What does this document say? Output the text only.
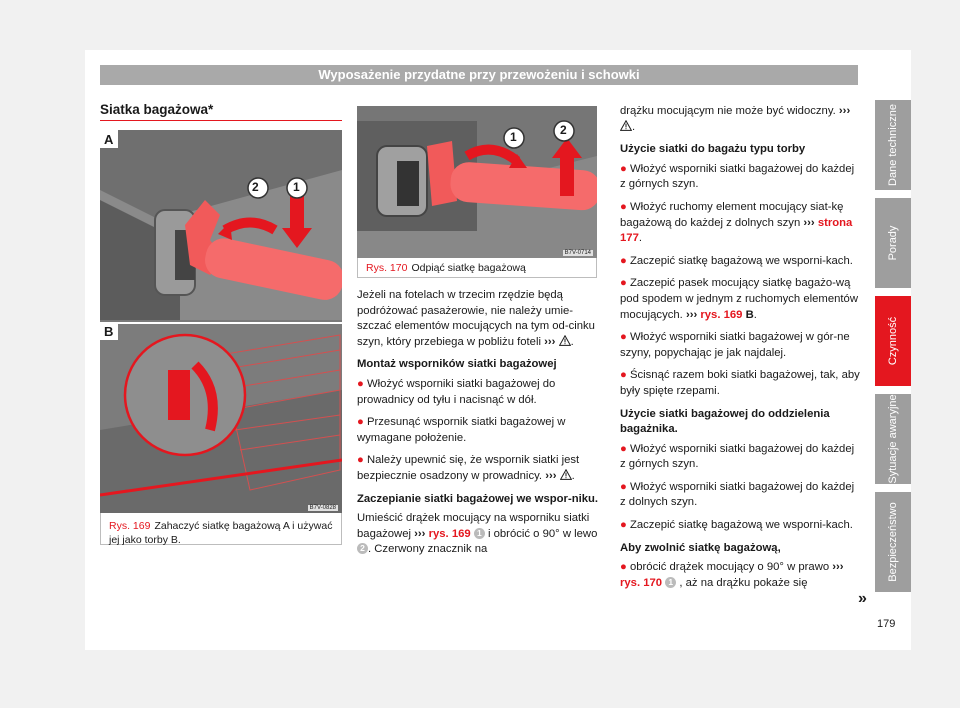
Wyposażenie przydatne przy przewożeniu i schowki
Siatka bagażowa*
A
B
2	1
B7V-0828
Rys. 169 Zahaczyć siatkę bagażową A i używać jej jako torby B.
1	2
B7V-0714
Rys. 170 Odpiąć siatkę bagażową

Jeżeli na fotelach w trzecim rzędzie będą podróżować pasażerowie, nie należy umie-szczać elementów mocujących na tym od-cinku szyn, który przebiega w pobliżu foteli ››› .

Montaż wsporników siatki bagażowej

● Włożyć wsporniki siatki bagażowej do prowadnicy od tyłu i nacisnąć w dół.

● Przesunąć wspornik siatki bagażowej w wymagane położenie.

● Należy upewnić się, że wspornik siatki jest bezpiecznie osadzony w prowadnicy. ››› .

Zaczepianie siatki bagażowej we wspor-niku.

Umieścić drążek mocujący na wsporniku siatki bagażowej ››› rys. 169 1 i obrócić o 90° w lewo 2 . Czerwony znacznik na

drążku mocującym nie może być widoczny. ››› .

Użycie siatki do bagażu typu torby

● Włożyć wsporniki siatki bagażowej do każdej z górnych szyn.

● Włożyć ruchomy element mocujący siat-kę bagażową do każdej z dolnych szyn ››› strona 177.

● Zaczepić siatkę bagażową we wsporni-kach.

● Zaczepić pasek mocujący siatkę bagażo-wą pod spodem w jednym z ruchomych elementów mocujących. ››› rys. 169 B.

● Włożyć wsporniki siatki bagażowej w gór-ne szyny, popychając je jak najdalej.

● Ścisnąć razem boki siatki bagażowej, tak, aby były spięte rzepami.

Użycie siatki bagażowej do oddzielenia bagażnika.

● Włożyć wsporniki siatki bagażowej do każdej z górnych szyn.

● Włożyć wsporniki siatki bagażowej do każdej z dolnych szyn.

● Zaczepić siatkę bagażową we wsporni-kach.

Aby zwolnić siatkę bagażową,

● obrócić drążek mocujący o 90° w prawo ››› rys. 170 1 , aż na drążku pokaże się

»
Dane techniczne
Porady
Czynność
Sytuacje awaryjne
Bezpieczeństwo
179
